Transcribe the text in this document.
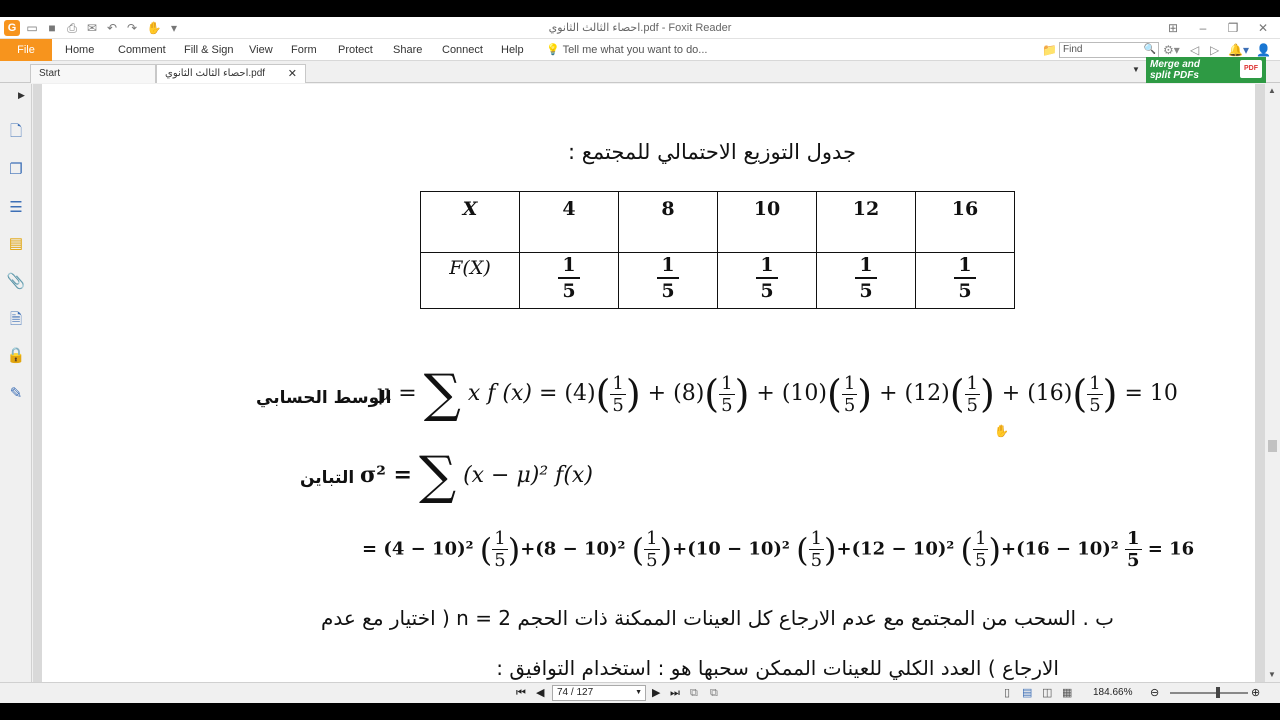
G ▭ ■ ⎙ ✉ ↶ ↷ ✋ ▾	احصاء الثالث الثانوي.pdf - Foxit Reader	⊞	–	❐	✕
File	Home Comment Fill & Sign View Form Protect Share Connect Help 💡 Tell me what you want to do...	📁 Find	🔍 ⚙▾ ◁ ▷ 🔔▾ 👤
Start	احصاء الثالث الثانوي.pdf ✕	▼	Merge and
split PDFs
PDF
▶
🗋
❐
☰
▤
📎
🗎
🔒
✎
جدول التوزيع الاحتمالي للمجتمع :
X	4	8	10	12	16
F(X)	$\frac{1}{5}$	$\frac{1}{5}$	$\frac{1}{5}$	$\frac{1}{5}$	$\frac{1}{5}$
الوسط الحسابي
μ = ∑ x f $(x) = (4)( \frac{1}{5}$ ) + $(8)( \frac{1}{5}$ ) + $(10)( \frac{1}{5}$ ) + $(12)( \frac{1}{5}$ ) + $(16)( \frac{1}{5}$ ) = 10
التباين σ² = ∑ (x − μ)² f(x)
= (4 − 10)² ( $\frac{1}{5} )+(8 - 10)^2$ ( $\frac{1}{5} )+(10 - 10)^2$ ( $\frac{1}{5} )+(12 - 10)^2$ ( $\frac{1}{5} )+(16 - 10)^2 \frac{1}{5} = 16$
ب . السحب من المجتمع مع عدم الارجاع كل العينات الممكنة ذات الحجم n = 2 ( اختيار مع عدم
الارجاع ) العدد الكلي للعينات الممكن سحبها هو : استخدام التوافيق :
✋
▲
▼
⏮ ◀	74 / 127	▼ ▶ ⏭ ⧉ ⧉	▯ ▤ ◫ ▦ 184.66% ⊖	⊕
